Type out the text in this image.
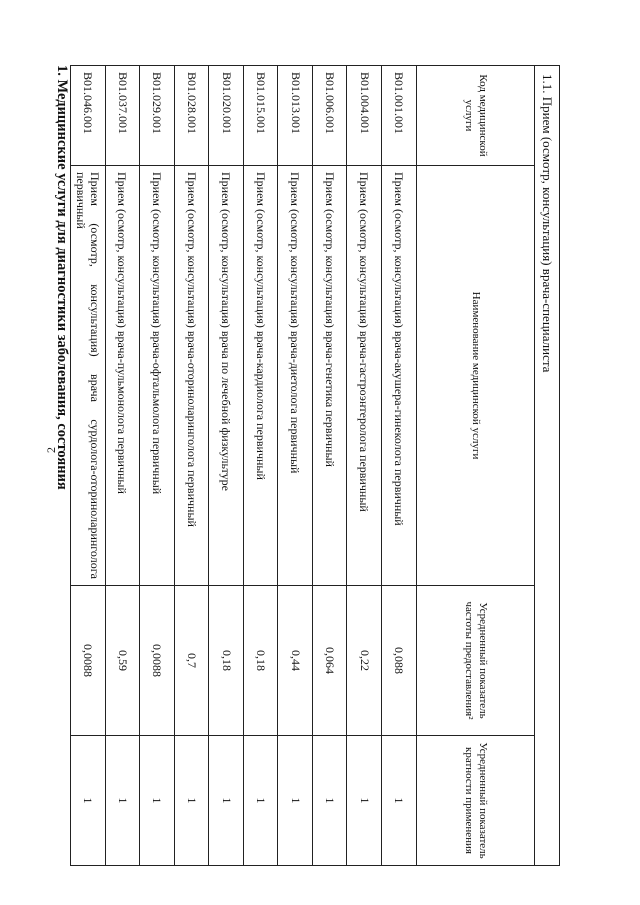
2
1.1. Прием (осмотр, консультация) врача-специалиста			
Код медицинской услуги	Наименование медицинской услуги	Усредненный показатель частоты предоставления²	Усредненный показатель кратности применения
B01.001.001	Прием (осмотр, консультация) врача-акушера-гинеколога первичный	0,088	1
B01.004.001	Прием (осмотр, консультация) врача-гастроэнтеролога первичный	0,22	1
B01.006.001	Прием (осмотр, консультация) врача-генетика первичный	0,064	1
B01.013.001	Прием (осмотр, консультация) врача-диетолога первичный	0,44	1
B01.015.001	Прием (осмотр, консультация) врача-кардиолога первичный	0,18	1
B01.020.001	Прием (осмотр, консультация) врача по лечебной физкультуре	0,18	1
B01.028.001	Прием (осмотр, консультация) врача-оториноларинголога первичный	0,7	1
B01.029.001	Прием (осмотр, консультация) врача-офтальмолога первичный	0,0088	1
B01.037.001	Прием (осмотр, консультация) врача-пульмонолога первичный	0,59	1
B01.046.001	Прием (осмотр, консультация) врача сурдолога-оториноларинголога первичный	0,0088	1
1. Медицинские услуги для диагностики заболевания, состояния
